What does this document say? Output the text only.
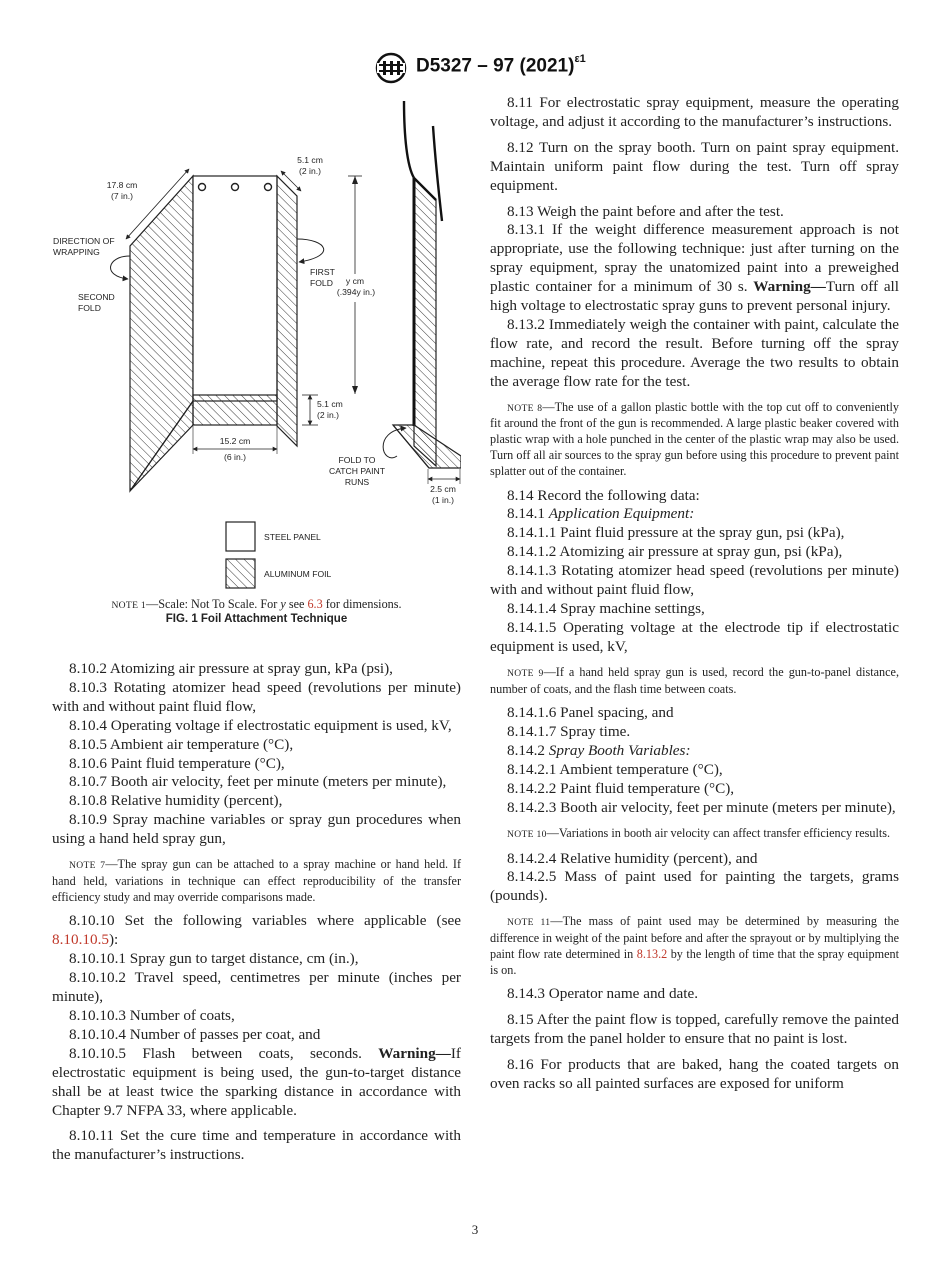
D5327 – 97 $(2021)^{\varepsilon 1}$
17.8 cm
(7 in.)
5.1 cm
(2 in.)
DIRECTION OF
WRAPPING
SECOND
FOLD
FIRST
FOLD y cm
(.394y in.)
5.1 cm
(2 in.)
15.2 cm
(6 in.)	FOLD TO
CATCH PAINT
RUNS
2.5 cm
(1 in.)
STEEL PANEL
ALUMINUM FOIL
NOTE 1—Scale: Not To Scale. For y see 6.3 for dimensions.
FIG. 1 Foil Attachment Technique

8.10.2 Atomizing air pressure at spray gun, kPa (psi),

8.10.3 Rotating atomizer head speed (revolutions per minute) with and without paint fluid flow,

8.10.4 Operating voltage if electrostatic equipment is used, kV,

8.10.5 Ambient air temperature (°C),

8.10.6 Paint fluid temperature (°C),

8.10.7 Booth air velocity, feet per minute (meters per minute),

8.10.8 Relative humidity (percent),

8.10.9 Spray machine variables or spray gun procedures when using a hand held spray gun,

NOTE 7—The spray gun can be attached to a spray machine or hand held. If hand held, variations in technique can effect reproducibility of the transfer efficiency study and may override comparisons made.

8.10.10 Set the following variables where applicable (see 8.10.10.5):

8.10.10.1 Spray gun to target distance, cm (in.),

8.10.10.2 Travel speed, centimetres per minute (inches per minute),

8.10.10.3 Number of coats,

8.10.10.4 Number of passes per coat, and

8.10.10.5 Flash between coats, seconds. Warning—If electrostatic equipment is being used, the gun-to-target distance shall be at least twice the sparking distance in accordance with Chapter 9.7 NFPA 33, where applicable.

8.10.11 Set the cure time and temperature in accordance with the manufacturer’s instructions.

8.11 For electrostatic spray equipment, measure the operating voltage, and adjust it according to the manufacturer’s instructions.

8.12 Turn on the spray booth. Turn on paint spray equipment. Maintain uniform paint flow during the test. Turn off spray equipment.

8.13 Weigh the paint before and after the test.

8.13.1 If the weight difference measurement approach is not appropriate, use the following technique: just after turning on the spray equipment, spray the unatomized paint into a preweighed plastic container for a minimum of 30 s. Warning—Turn off all high voltage to electrostatic spray guns to prevent personal injury.

8.13.2 Immediately weigh the container with paint, calculate the flow rate, and record the result. Before turning off the spray machine, repeat this procedure. Average the two results to obtain the average flow rate for the test.

NOTE 8—The use of a gallon plastic bottle with the top cut off to conveniently fit around the front of the gun is recommended. A large plastic beaker covered with plastic wrap with a hole punched in the center of the plastic wrap may also be used. Turn off all air sources to the spray gun before using this procedure to prevent paint splatter out of the container.

8.14 Record the following data:

8.14.1 Application Equipment:

8.14.1.1 Paint fluid pressure at the spray gun, psi (kPa),

8.14.1.2 Atomizing air pressure at spray gun, psi (kPa),

8.14.1.3 Rotating atomizer head speed (revolutions per minute) with and without paint fluid flow,

8.14.1.4 Spray machine settings,

8.14.1.5 Operating voltage at the electrode tip if electrostatic equipment is used, kV,

NOTE 9—If a hand held spray gun is used, record the gun-to-panel distance, number of coats, and the flash time between coats.

8.14.1.6 Panel spacing, and

8.14.1.7 Spray time.

8.14.2 Spray Booth Variables:

8.14.2.1 Ambient temperature (°C),

8.14.2.2 Paint fluid temperature (°C),

8.14.2.3 Booth air velocity, feet per minute (meters per minute),

NOTE 10—Variations in booth air velocity can affect transfer efficiency results.

8.14.2.4 Relative humidity (percent), and

8.14.2.5 Mass of paint used for painting the targets, grams (pounds).

NOTE 11—The mass of paint used may be determined by measuring the difference in weight of the paint before and after the sprayout or by multiplying the paint flow rate determined in 8.13.2 by the length of time that the spray equipment is on.

8.14.3 Operator name and date.

8.15 After the paint flow is topped, carefully remove the painted targets from the panel holder to ensure that no paint is lost.

8.16 For products that are baked, hang the coated targets on oven racks so all painted surfaces are exposed for uniform

3
